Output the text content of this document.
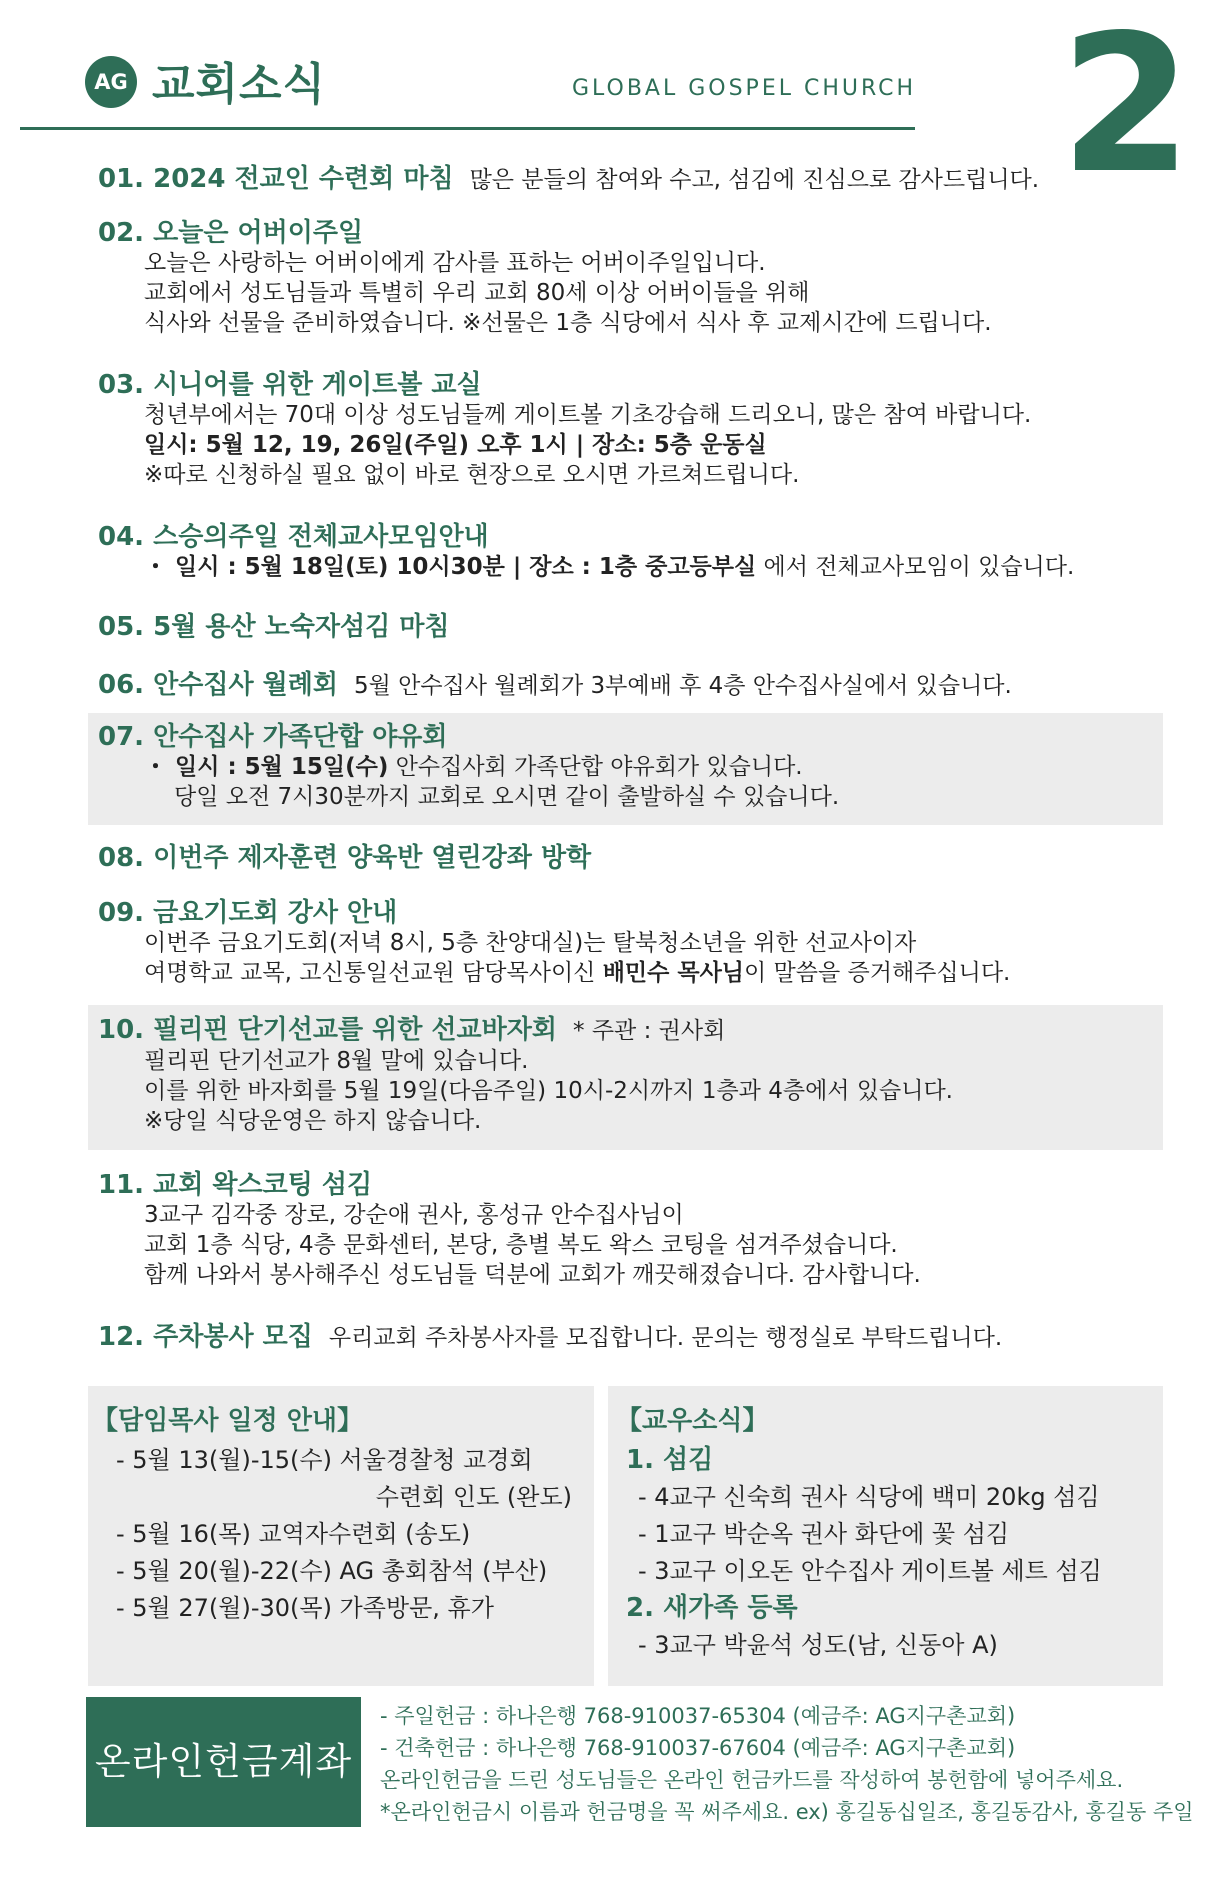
AG 교회소식	GLOBAL GOSPEL CHURCH 2
01. 2024 전교인 수련회 마침 많은 분들의 참여와 수고, 섬김에 진심으로 감사드립니다.
02. 오늘은 어버이주일
오늘은 사랑하는 어버이에게 감사를 표하는 어버이주일입니다.
교회에서 성도님들과 특별히 우리 교회 80세 이상 어버이들을 위해
식사와 선물을 준비하였습니다. ※선물은 1층 식당에서 식사 후 교제시간에 드립니다.
03. 시니어를 위한 게이트볼 교실
청년부에서는 70대 이상 성도님들께 게이트볼 기초강습해 드리오니, 많은 참여 바랍니다.
일시: 5월 12, 19, 26일(주일) 오후 1시 | 장소: 5층 운동실
※따로 신청하실 필요 없이 바로 현장으로 오시면 가르쳐드립니다.
04. 스승의주일 전체교사모임안내
・ 일시 : 5월 18일(토) 10시30분 | 장소 : 1층 중고등부실 에서 전체교사모임이 있습니다.
05. 5월 용산 노숙자섬김 마침
06. 안수집사 월례회 5월 안수집사 월례회가 3부예배 후 4층 안수집사실에서 있습니다.
07. 안수집사 가족단합 야유회
・ 일시 : 5월 15일(수) 안수집사회 가족단합 야유회가 있습니다.
당일 오전 7시30분까지 교회로 오시면 같이 출발하실 수 있습니다.
08. 이번주 제자훈련 양육반 열린강좌 방학
09. 금요기도회 강사 안내
이번주 금요기도회(저녁 8시, 5층 찬양대실)는 탈북청소년을 위한 선교사이자
여명학교 교목, 고신통일선교원 담당목사이신 배민수 목사님이 말씀을 증거해주십니다.
10. 필리핀 단기선교를 위한 선교바자회 * 주관 : 권사회
필리핀 단기선교가 8월 말에 있습니다.
이를 위한 바자회를 5월 19일(다음주일) 10시-2시까지 1층과 4층에서 있습니다.
※당일 식당운영은 하지 않습니다.
11. 교회 왁스코팅 섬김
3교구 김각중 장로, 강순애 권사, 홍성규 안수집사님이
교회 1층 식당, 4층 문화센터, 본당, 층별 복도 왁스 코팅을 섬겨주셨습니다.
함께 나와서 봉사해주신 성도님들 덕분에 교회가 깨끗해졌습니다. 감사합니다.
12. 주차봉사 모집 우리교회 주차봉사자를 모집합니다. 문의는 행정실로 부탁드립니다.
【담임목사 일정 안내】
- 5월 13(월)-15(수) 서울경찰청 교경회
수련회 인도 (완도)
- 5월 16(목) 교역자수련회 (송도)
- 5월 20(월)-22(수) AG 총회참석 (부산)
- 5월 27(월)-30(목) 가족방문, 휴가
【교우소식】
1. 섬김
- 4교구 신숙희 권사 식당에 백미 20kg 섬김
- 1교구 박순옥 권사 화단에 꽃 섬김
- 3교구 이오돈 안수집사 게이트볼 세트 섬김
2. 새가족 등록
- 3교구 박윤석 성도(남, 신동아 A)
온라인헌금계좌
- 주일헌금 : 하나은행 768-910037-65304 (예금주: AG지구촌교회)
- 건축헌금 : 하나은행 768-910037-67604 (예금주: AG지구촌교회)
온라인헌금을 드린 성도님들은 온라인 헌금카드를 작성하여 봉헌함에 넣어주세요.
*온라인헌금시 이름과 헌금명을 꼭 써주세요. ex) 홍길동십일조, 홍길동감사, 홍길동 주일
